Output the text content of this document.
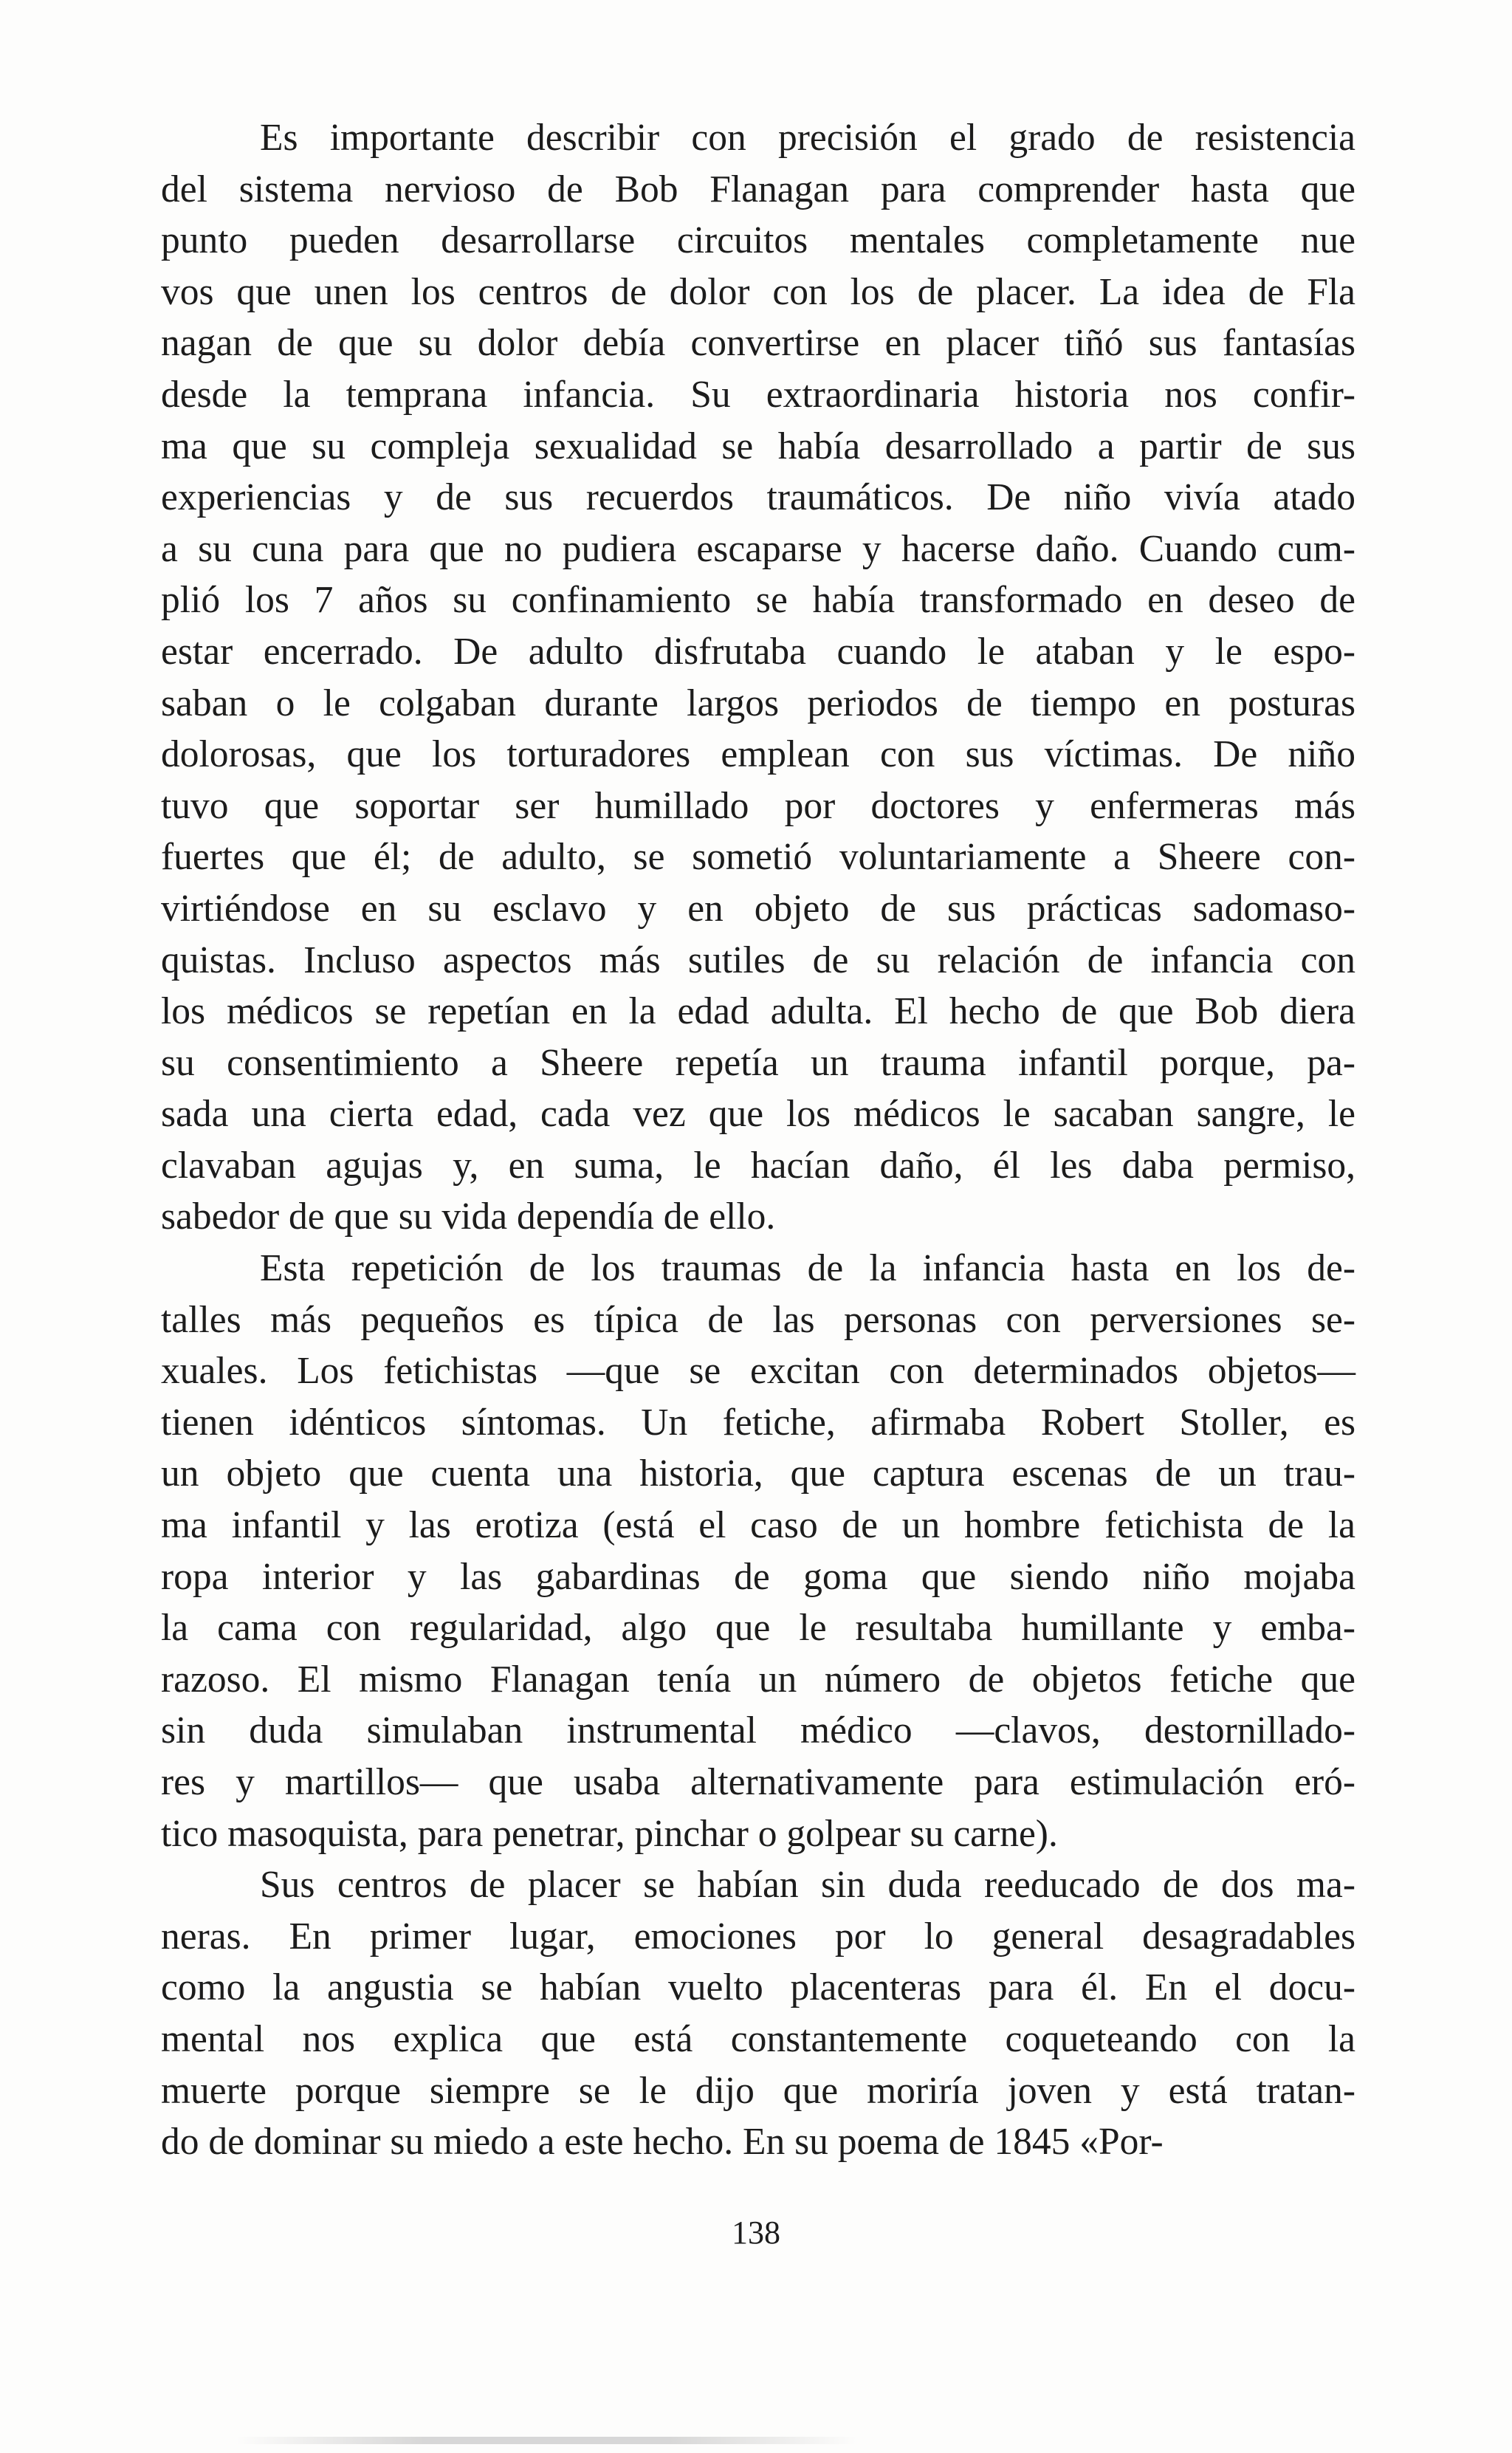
Es importante describir con precisión el grado de resistencia
del sistema nervioso de Bob Flanagan para comprender hasta que
punto pueden desarrollarse circuitos mentales completamente nue
vos que unen los centros de dolor con los de placer. La idea de Fla
nagan de que su dolor debía convertirse en placer tiñó sus fantasías
desde la temprana infancia. Su extraordinaria historia nos confir-
ma que su compleja sexualidad se había desarrollado a partir de sus
experiencias y de sus recuerdos traumáticos. De niño vivía atado
a su cuna para que no pudiera escaparse y hacerse daño. Cuando cum-
plió los 7 años su confinamiento se había transformado en deseo de
estar encerrado. De adulto disfrutaba cuando le ataban y le espo-
saban o le colgaban durante largos periodos de tiempo en posturas
dolorosas, que los torturadores emplean con sus víctimas. De niño
tuvo que soportar ser humillado por doctores y enfermeras más
fuertes que él; de adulto, se sometió voluntariamente a Sheere con-
virtiéndose en su esclavo y en objeto de sus prácticas sadomaso-
quistas. Incluso aspectos más sutiles de su relación de infancia con
los médicos se repetían en la edad adulta. El hecho de que Bob diera
su consentimiento a Sheere repetía un trauma infantil porque, pa-
sada una cierta edad, cada vez que los médicos le sacaban sangre, le
clavaban agujas y, en suma, le hacían daño, él les daba permiso,
sabedor de que su vida dependía de ello.
Esta repetición de los traumas de la infancia hasta en los de-
talles más pequeños es típica de las personas con perversiones se-
xuales. Los fetichistas —que se excitan con determinados objetos—
tienen idénticos síntomas. Un fetiche, afirmaba Robert Stoller, es
un objeto que cuenta una historia, que captura escenas de un trau-
ma infantil y las erotiza (está el caso de un hombre fetichista de la
ropa interior y las gabardinas de goma que siendo niño mojaba
la cama con regularidad, algo que le resultaba humillante y emba-
razoso. El mismo Flanagan tenía un número de objetos fetiche que
sin duda simulaban instrumental médico —clavos, destornillado-
res y martillos— que usaba alternativamente para estimulación eró-
tico masoquista, para penetrar, pinchar o golpear su carne).
Sus centros de placer se habían sin duda reeducado de dos ma-
neras. En primer lugar, emociones por lo general desagradables
como la angustia se habían vuelto placenteras para él. En el docu-
mental nos explica que está constantemente coqueteando con la
muerte porque siempre se le dijo que moriría joven y está tratan-
do de dominar su miedo a este hecho. En su poema de 1845 «Por-
138
